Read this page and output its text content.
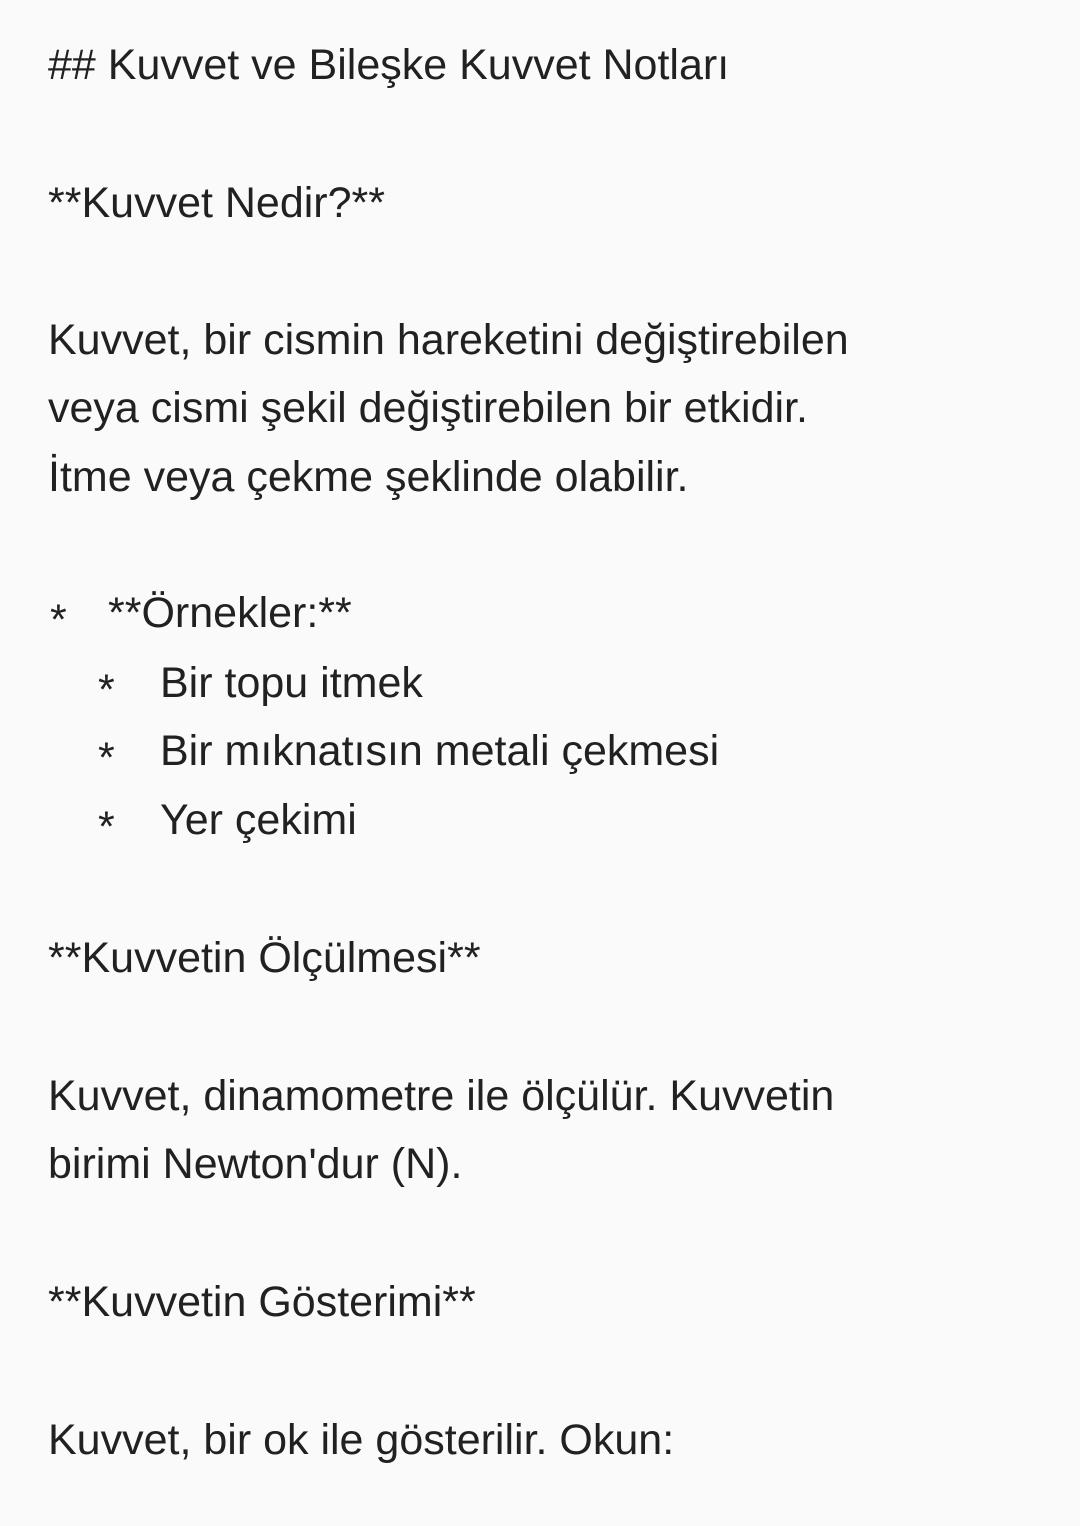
## Kuvvet ve Bileşke Kuvvet Notları
**Kuvvet Nedir?**
Kuvvet, bir cismin hareketini değiştirebilen
veya cismi şekil değiştirebilen bir etkidir.
İtme veya çekme şeklinde olabilir.
* **Örnekler:**
* Bir topu itmek
* Bir mıknatısın metali çekmesi
* Yer çekimi
**Kuvvetin Ölçülmesi**
Kuvvet, dinamometre ile ölçülür. Kuvvetin
birimi Newton'dur (N).
**Kuvvetin Gösterimi**
Kuvvet, bir ok ile gösterilir. Okun:
